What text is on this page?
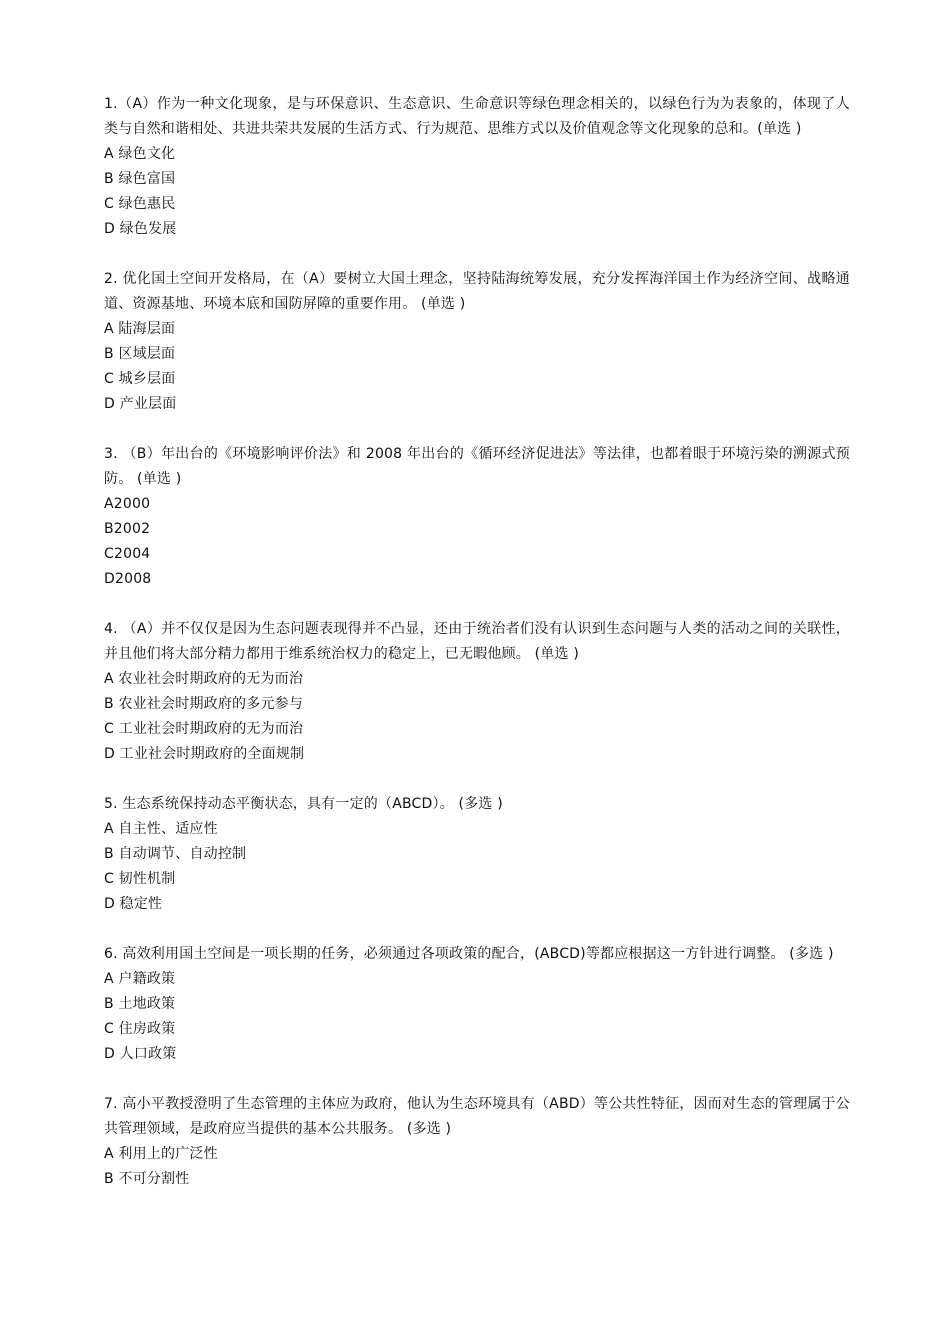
1.（A）作为一种文化现象，是与环保意识、生态意识、生命意识等绿色理念相关的，以绿色行为为表象的，体现了人类与自然和谐相处、共进共荣共发展的生活方式、行为规范、思维方式以及价值观念等文化现象的总和。(单选 )
A 绿色文化
B 绿色富国
C 绿色惠民
D 绿色发展
2. 优化国土空间开发格局，在（A）要树立大国土理念，坚持陆海统筹发展，充分发挥海洋国土作为经济空间、战略通道、资源基地、环境本底和国防屏障的重要作用。 (单选 )
A 陆海层面
B 区域层面
C 城乡层面
D 产业层面
3. （B）年出台的《环境影响评价法》和 2008 年出台的《循环经济促进法》等法律，也都着眼于环境污染的溯源式预防。 (单选 )
A2000
B2002
C2004
D2008
4. （A）并不仅仅是因为生态问题表现得并不凸显，还由于统治者们没有认识到生态问题与人类的活动之间的关联性，并且他们将大部分精力都用于维系统治权力的稳定上，已无暇他顾。 (单选 )
A 农业社会时期政府的无为而治
B 农业社会时期政府的多元参与
C 工业社会时期政府的无为而治
D 工业社会时期政府的全面规制
5. 生态系统保持动态平衡状态，具有一定的（ABCD）。 (多选 )
A 自主性、适应性
B 自动调节、自动控制
C 韧性机制
D 稳定性
6. 高效利用国土空间是一项长期的任务，必须通过各项政策的配合，(ABCD)等都应根据这一方针进行调整。 (多选 )
A 户籍政策
B 土地政策
C 住房政策
D 人口政策
7. 高小平教授澄明了生态管理的主体应为政府，他认为生态环境具有（ABD）等公共性特征，因而对生态的管理属于公共管理领域，是政府应当提供的基本公共服务。 (多选 )
A 利用上的广泛性
B 不可分割性
